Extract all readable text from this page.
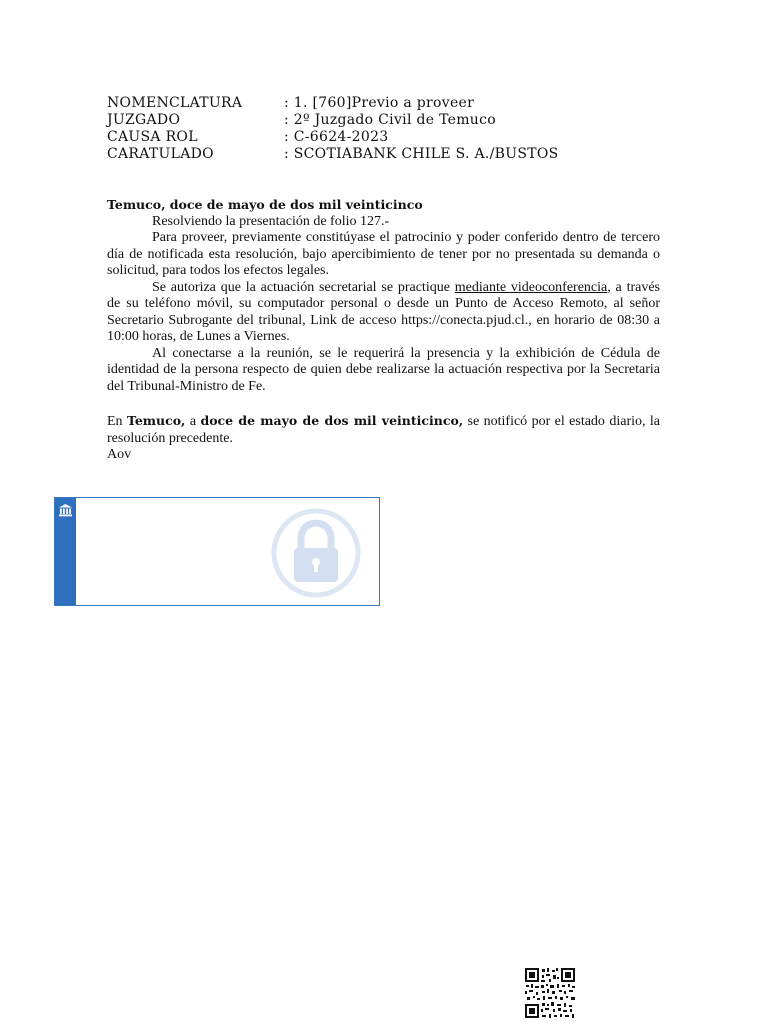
NOMENCLATURA	: 1. [760]Previo a proveer
JUZGADO	: 2º Juzgado Civil de Temuco
CAUSA ROL	: C-6624-2023
CARATULADO	: SCOTIABANK CHILE S. A./BUSTOS

Temuco, doce de mayo de dos mil veinticinco

Resolviendo la presentación de folio 127.-

Para proveer, previamente constitúyase el patrocinio y poder conferido dentro de tercero día de notificada esta resolución, bajo apercibimiento de tener por no presentada su demanda o solicitud, para todos los efectos legales.

Se autoriza que la actuación secretarial se practique mediante videoconferencia, a través de su teléfono móvil, su computador personal o desde un Punto de Acceso Remoto, al señor Secretario Subrogante del tribunal, Link de acceso https://conecta.pjud.cl., en horario de 08:30 a 10:00 horas, de Lunes a Viernes.

Al conectarse a la reunión, se le requerirá la presencia y la exhibición de Cédula de identidad de la persona respecto de quien debe realizarse la actuación respectiva por la Secretaria del Tribunal-Ministro de Fe.

En Temuco, a doce de mayo de dos mil veinticinco, se notificó por el estado diario, la resolución precedente.

Aov
